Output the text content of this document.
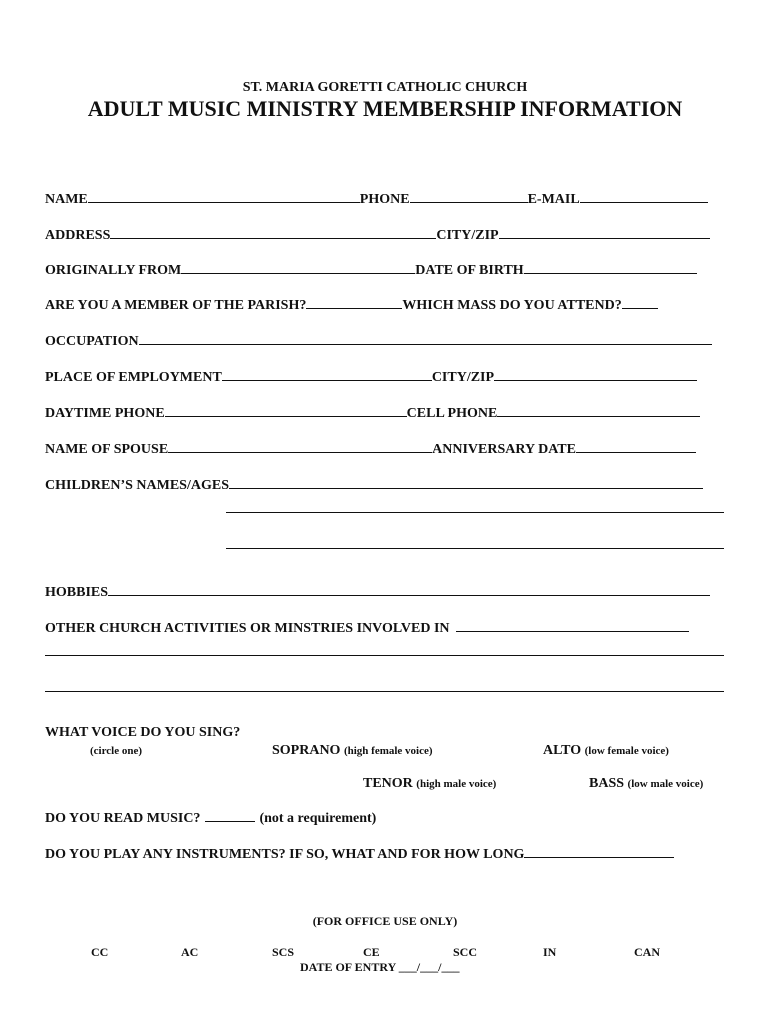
ST. MARIA GORETTI CATHOLIC CHURCH
ADULT MUSIC MINISTRY MEMBERSHIP INFORMATION
NAME	PHONE	E-MAIL
ADDRESS	CITY/ZIP
ORIGINALLY FROM	DATE OF BIRTH
ARE YOU A MEMBER OF THE PARISH?	WHICH MASS DO YOU ATTEND?
OCCUPATION
PLACE OF EMPLOYMENT	CITY/ZIP
DAYTIME PHONE	CELL PHONE
NAME OF SPOUSE	ANNIVERSARY DATE
CHILDREN’S NAMES/AGES
HOBBIES
OTHER CHURCH ACTIVITIES OR MINSTRIES INVOLVED IN
WHAT VOICE DO YOU SING?
(circle one)	SOPRANO (high female voice)	ALTO (low female voice)
TENOR (high male voice)	BASS (low male voice)
DO YOU READ MUSIC?	(not a requirement)
DO YOU PLAY ANY INSTRUMENTS? IF SO, WHAT AND FOR HOW LONG
(FOR OFFICE USE ONLY)
CC	AC	SCS	CE	SCC	IN	CAN
DATE OF ENTRY ___/___/___
